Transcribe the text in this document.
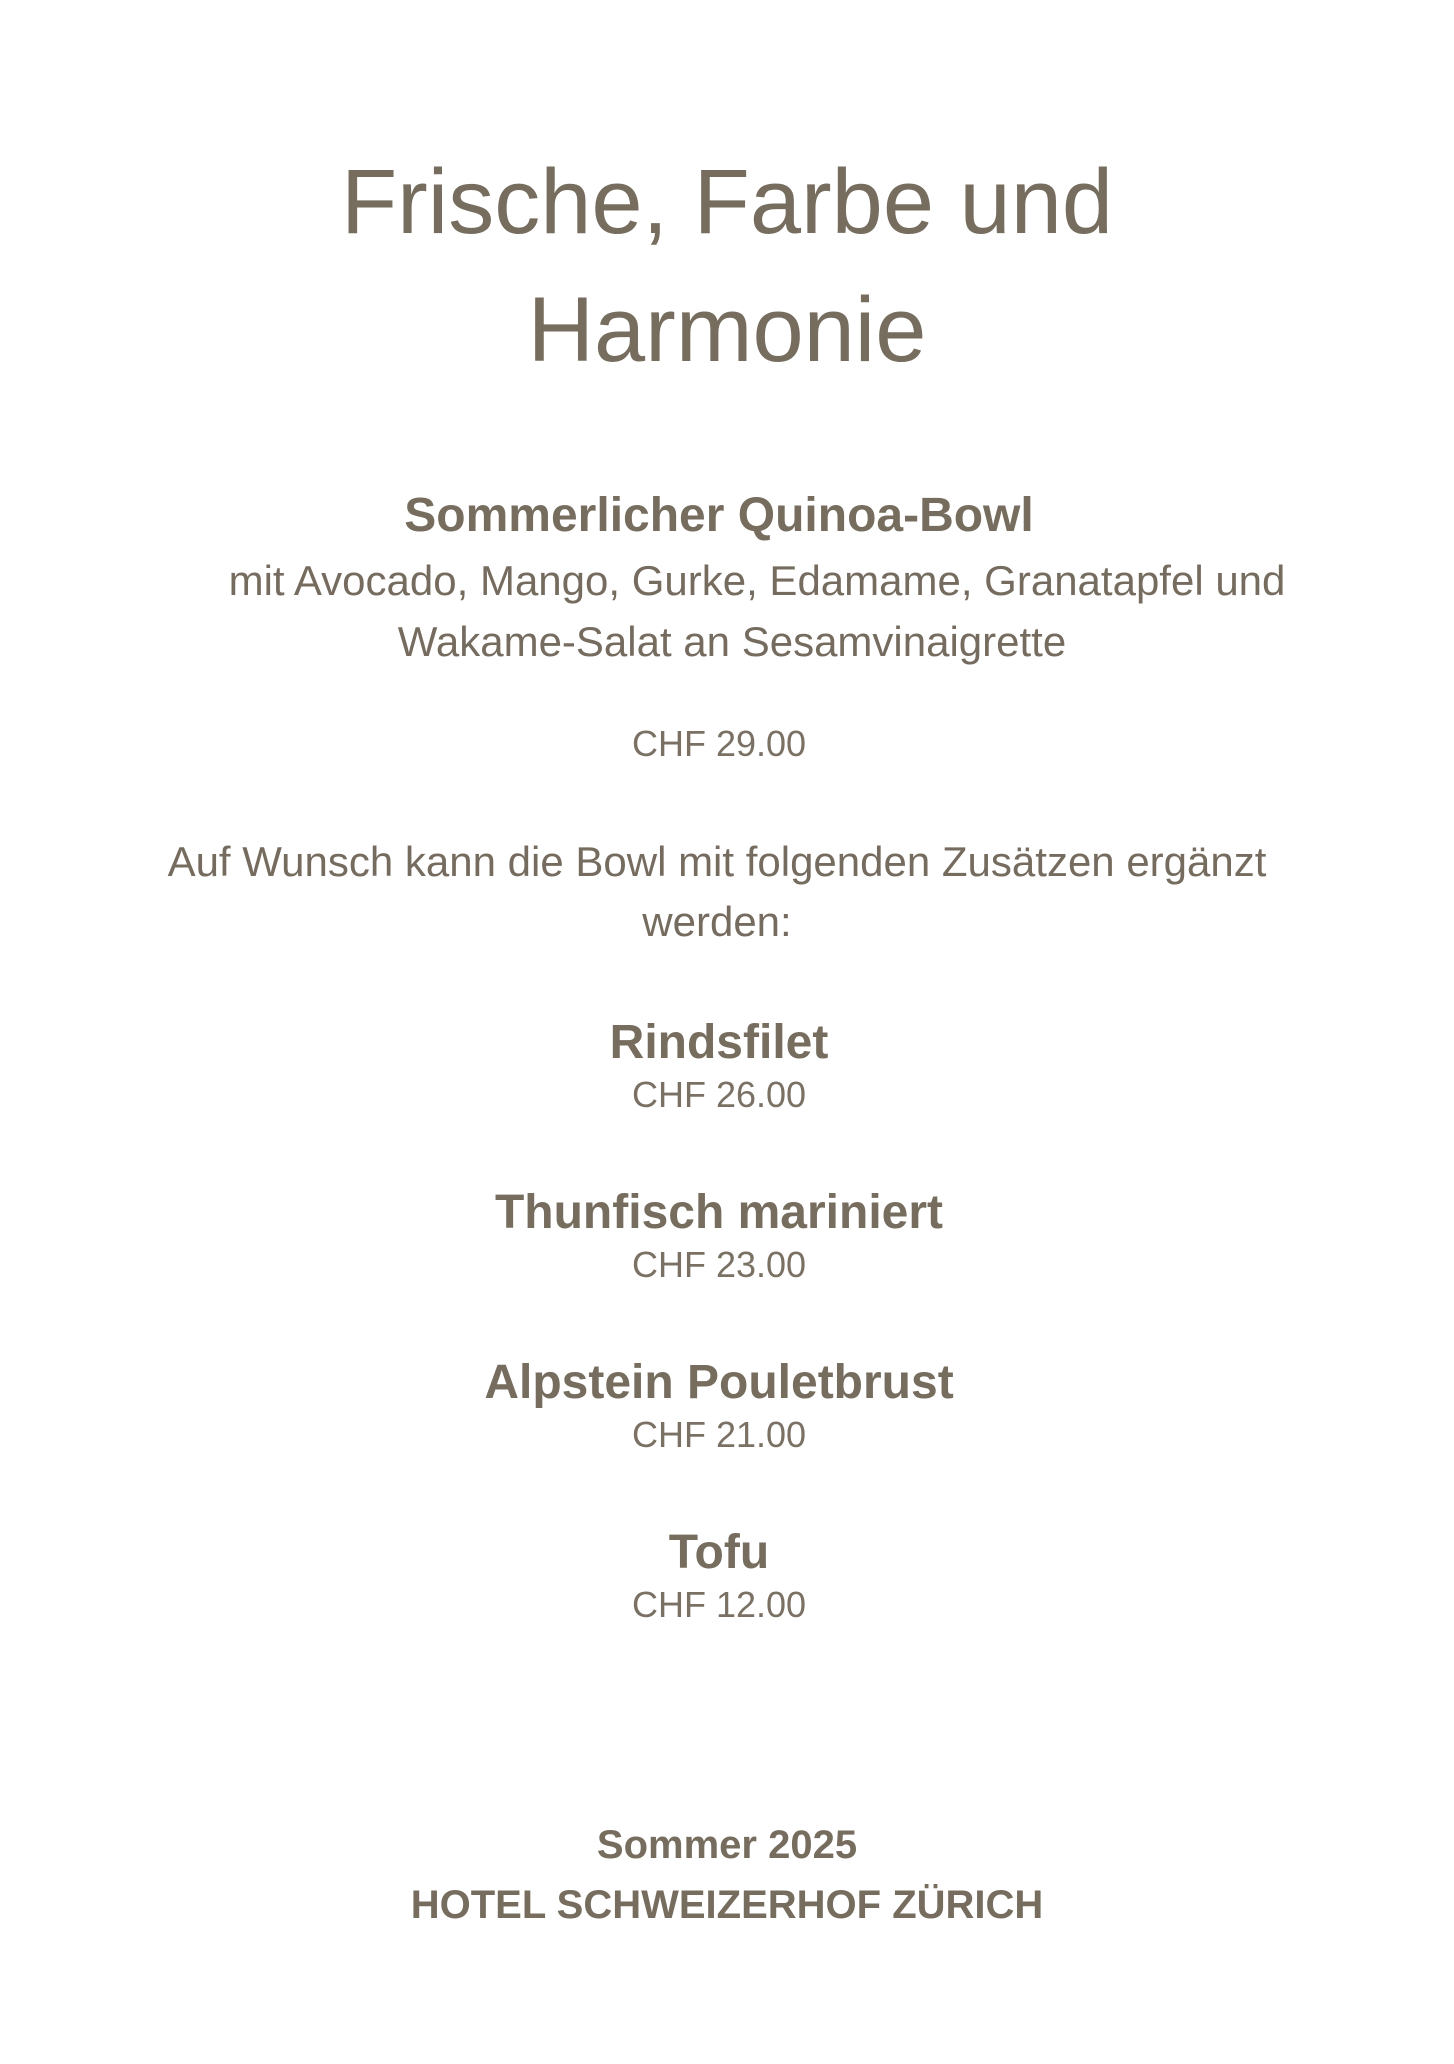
Frische, Farbe und
Harmonie
Sommerlicher Quinoa-Bowl
mit Avocado, Mango, Gurke, Edamame, Granatapfel und
Wakame-Salat an Sesamvinaigrette
CHF 29.00
Auf Wunsch kann die Bowl mit folgenden Zusätzen ergänzt
werden:
Rindsfilet
CHF 26.00
Thunfisch mariniert
CHF 23.00
Alpstein Pouletbrust
CHF 21.00
Tofu
CHF 12.00
Sommer 2025
HOTEL SCHWEIZERHOF ZÜRICH
